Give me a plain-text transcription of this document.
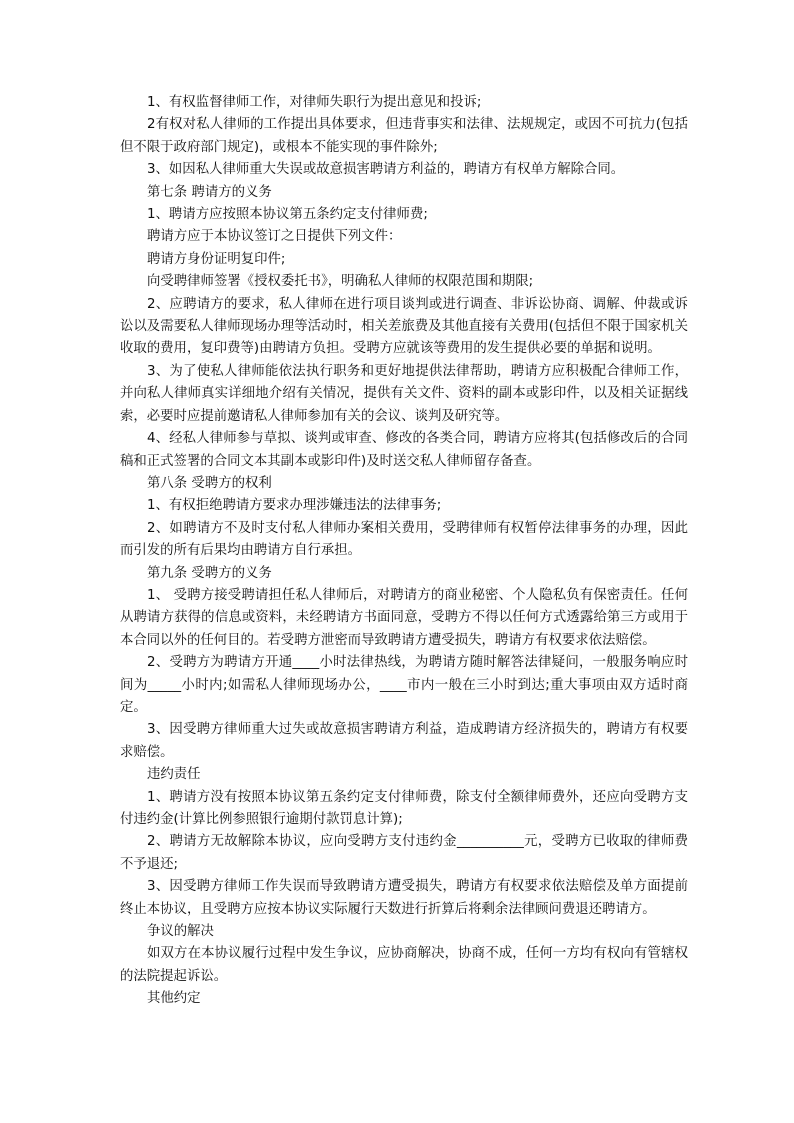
1、有权监督律师工作，对律师失职行为提出意见和投诉;

2有权对私人律师的工作提出具体要求，但违背事实和法律、法规规定，或因不可抗力(包括但不限于政府部门规定)，或根本不能实现的事件除外;

3、如因私人律师重大失误或故意损害聘请方利益的，聘请方有权单方解除合同。

第七条 聘请方的义务

1、聘请方应按照本协议第五条约定支付律师费;

聘请方应于本协议签订之日提供下列文件：

聘请方身份证明复印件;

向受聘律师签署《授权委托书》，明确私人律师的权限范围和期限;

2、应聘请方的要求，私人律师在进行项目谈判或进行调查、非诉讼协商、调解、仲裁或诉讼以及需要私人律师现场办理等活动时，相关差旅费及其他直接有关费用(包括但不限于国家机关收取的费用，复印费等)由聘请方负担。受聘方应就该等费用的发生提供必要的单据和说明。

3、为了使私人律师能依法执行职务和更好地提供法律帮助，聘请方应积极配合律师工作，并向私人律师真实详细地介绍有关情况，提供有关文件、资料的副本或影印件，以及相关证据线索，必要时应提前邀请私人律师参加有关的会议、谈判及研究等。

4、经私人律师参与草拟、谈判或审查、修改的各类合同，聘请方应将其(包括修改后的合同稿和正式签署的合同文本其副本或影印件)及时送交私人律师留存备查。

第八条 受聘方的权利

1、有权拒绝聘请方要求办理涉嫌违法的法律事务;

2、如聘请方不及时支付私人律师办案相关费用，受聘律师有权暂停法律事务的办理，因此而引发的所有后果均由聘请方自行承担。

第九条 受聘方的义务

1、 受聘方接受聘请担任私人律师后，对聘请方的商业秘密、个人隐私负有保密责任。任何从聘请方获得的信息或资料，未经聘请方书面同意，受聘方不得以任何方式透露给第三方或用于本合同以外的任何目的。若受聘方泄密而导致聘请方遭受损失，聘请方有权要求依法赔偿。

2、受聘方为聘请方开通____小时法律热线，为聘请方随时解答法律疑问，一般服务响应时间为_____小时内;如需私人律师现场办公，____市内一般在三小时到达;重大事项由双方适时商定。

3、因受聘方律师重大过失或故意损害聘请方利益，造成聘请方经济损失的，聘请方有权要求赔偿。

违约责任

1、聘请方没有按照本协议第五条约定支付律师费，除支付全额律师费外，还应向受聘方支付违约金(计算比例参照银行逾期付款罚息计算);

2、聘请方无故解除本协议，应向受聘方支付违约金__________元，受聘方已收取的律师费不予退还;

3、因受聘方律师工作失误而导致聘请方遭受损失，聘请方有权要求依法赔偿及单方面提前终止本协议，且受聘方应按本协议实际履行天数进行折算后将剩余法律顾问费退还聘请方。

争议的解决

如双方在本协议履行过程中发生争议，应协商解决，协商不成，任何一方均有权向有管辖权的法院提起诉讼。

其他约定
